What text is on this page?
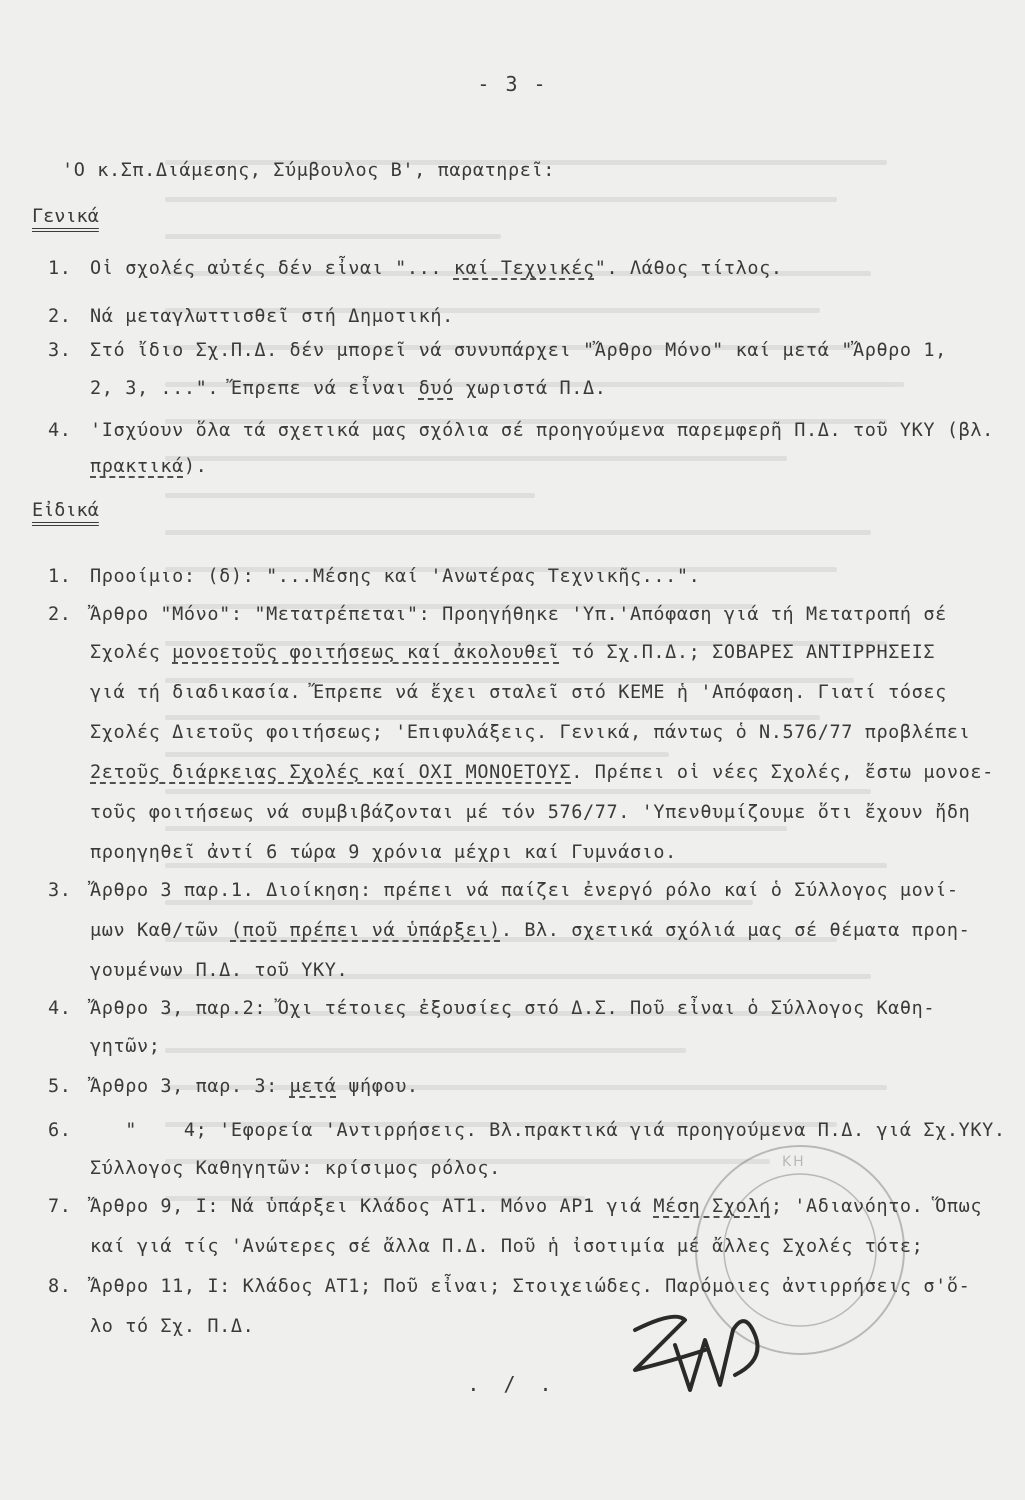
- 3 -
'Ο κ.Σπ.Διάμεσης, Σύμβουλος Β', παρατηρεῖ:
Γενικά
1. Οἱ σχολές αὐτές δέν εἶναι "... καί Τεχνικές". Λάθος τίτλος.
2. Νά μεταγλωττισθεῖ στή Δημοτική.
3. Στό ἴδιο Σχ.Π.Δ. δέν μπορεῖ νά συνυπάρχει "Ἄρθρο Μόνο" καί μετά "Ἄρθρο 1,
2, 3, ...". Ἔπρεπε νά εἶναι δυό χωριστά Π.Δ.
4. 'Ισχύουν ὅλα τά σχετικά μας σχόλια σέ προηγούμενα παρεμφερῆ Π.Δ. τοῦ ΥΚΥ (βλ.
πρακτικά).
Εἰδικά
1. Προοίμιο: (δ): "...Μέσης καί 'Ανωτέρας Τεχνικῆς...".
2. Ἄρθρο "Μόνο": "Μετατρέπεται": Προηγήθηκε 'Υπ.'Απόφαση γιά τή Μετατροπή σέ
Σχολές μονοετοῦς φοιτήσεως καί ἀκολουθεῖ τό Σχ.Π.Δ.; ΣΟΒΑΡΕΣ ΑΝΤΙΡΡΗΣΕΙΣ
γιά τή διαδικασία. Ἔπρεπε νά ἔχει σταλεῖ στό ΚΕΜΕ ἡ 'Απόφαση. Γιατί τόσες
Σχολές Διετοῦς φοιτήσεως; 'Επιφυλάξεις. Γενικά, πάντως ὁ Ν.576/77 προβλέπει
2ετοῦς διάρκειας Σχολές καί ΟΧΙ ΜΟΝΟΕΤΟΥΣ. Πρέπει οἱ νέες Σχολές, ἔστω μονοε-
τοῦς φοιτήσεως νά συμβιβάζονται μέ τόν 576/77. 'Υπενθυμίζουμε ὅτι ἔχουν ἤδη
προηγηθεῖ ἀντί 6 τώρα 9 χρόνια μέχρι καί Γυμνάσιο.
3. Ἄρθρο 3 παρ.1. Διοίκηση: πρέπει νά παίζει ἐνεργό ρόλο καί ὁ Σύλλογος μονί-
μων Καθ/τῶν (ποῦ πρέπει νά ὑπάρξει). Βλ. σχετικά σχόλιά μας σέ θέματα προη-
γουμένων Π.Δ. τοῦ ΥΚΥ.
4. Ἄρθρο 3, παρ.2: Ὄχι τέτοιες ἐξουσίες στό Δ.Σ. Ποῦ εἶναι ὁ Σύλλογος Καθη-
γητῶν;
5. Ἄρθρο 3, παρ. 3: μετά ψήφου.
6.   "    4; 'Εφορεία 'Αντιρρήσεις. Βλ.πρακτικά γιά προηγούμενα Π.Δ. γιά Σχ.ΥΚΥ.
Σύλλογος Καθηγητῶν: κρίσιμος ρόλος.
7. Ἄρθρο 9, Ι: Νά ὑπάρξει Κλάδος ΑΤ1. Μόνο ΑΡ1 γιά Μέση Σχολή; 'Αδιανόητο. Ὅπως
καί γιά τίς 'Ανώτερες σέ ἄλλα Π.Δ. Ποῦ ἡ ἰσοτιμία μέ ἄλλες Σχολές τότε;
8. Ἄρθρο 11, Ι: Κλάδος ΑΤ1; Ποῦ εἶναι; Στοιχειώδες. Παρόμοιες ἀντιρρήσεις σ'ὅ-
λο τό Σχ. Π.Δ.
ΚΗ
. / .
